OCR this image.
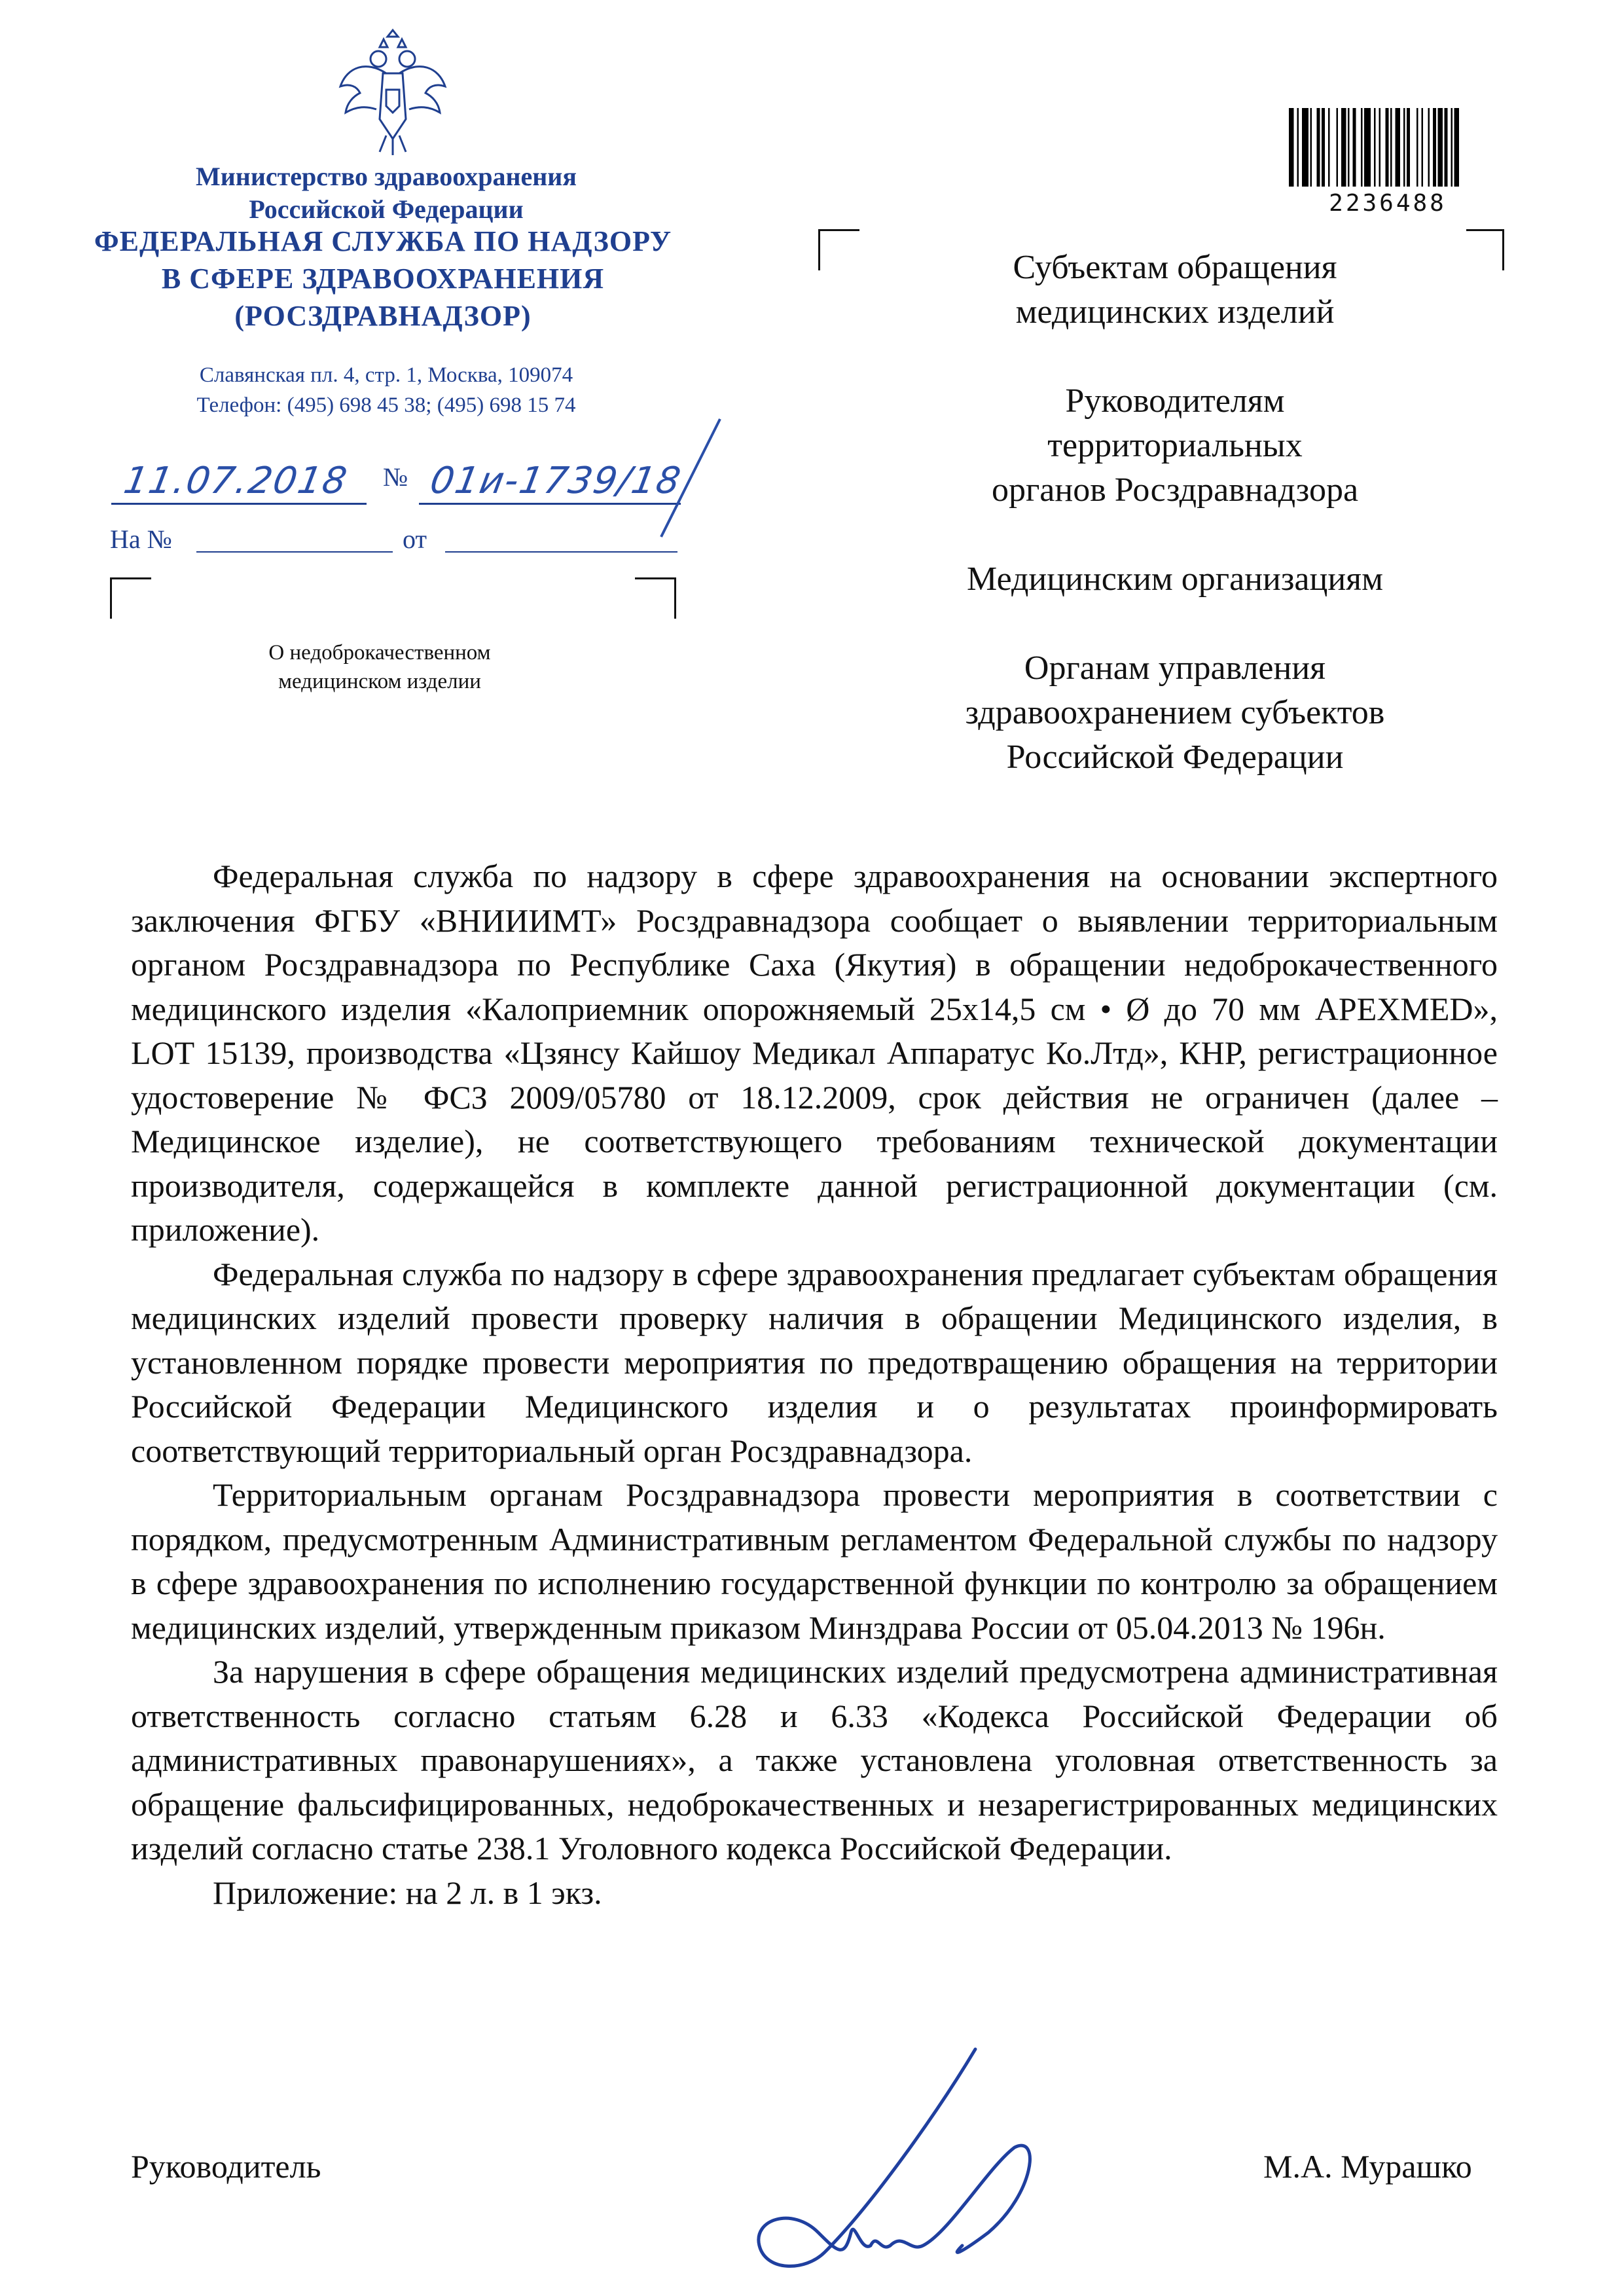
Министерство здравоохранения
Российской Федерации
ФЕДЕРАЛЬНАЯ СЛУЖБА ПО НАДЗОРУ
В СФЕРЕ ЗДРАВООХРАНЕНИЯ
(РОСЗДРАВНАДЗОР)
Славянская пл. 4, стр. 1, Москва, 109074
Телефон: (495) 698 45 38; (495) 698 15 74
11.07.2018 № 01и-1739/18
На №	от
О недоброкачественном
медицинском изделии
2236488
Субъектам обращения
медицинских изделий
Руководителям
территориальных
органов Росздравнадзора
Медицинским организациям
Органам управления
здравоохранением субъектов
Российской Федерации

Федеральная служба по надзору в сфере здравоохранения на основании экспертного заключения ФГБУ «ВНИИИМТ» Росздравнадзора сообщает о выявлении территориальным органом Росздравнадзора по Республике Саха (Якутия) в обращении недоброкачественного медицинского изделия «Калоприемник опорожняемый 25х14,5 см • Ø до 70 мм APEXMED», LOT 15139, производства «Цзянсу Кайшоу Медикал Аппаратус Ко.Лтд», КНР, регистрационное удостоверение № ФСЗ 2009/05780 от 18.12.2009, срок действия не ограничен (далее – Медицинское изделие), не соответствующего требованиям технической документации производителя, содержащейся в комплекте данной регистрационной документации (см. приложение).

Федеральная служба по надзору в сфере здравоохранения предлагает субъектам обращения медицинских изделий провести проверку наличия в обращении Медицинского изделия, в установленном порядке провести мероприятия по предотвращению обращения на территории Российской Федерации Медицинского изделия и о результатах проинформировать соответствующий территориальный орган Росздравнадзора.

Территориальным органам Росздравнадзора провести мероприятия в соответствии с порядком, предусмотренным Административным регламентом Федеральной службы по надзору в сфере здравоохранения по исполнению государственной функции по контролю за обращением медицинских изделий, утвержденным приказом Минздрава России от 05.04.2013 № 196н.

За нарушения в сфере обращения медицинских изделий предусмотрена административная ответственность согласно статьям 6.28 и 6.33 «Кодекса Российской Федерации об административных правонарушениях», а также установлена уголовная ответственность за обращение фальсифицированных, недоброкачественных и незарегистрированных медицинских изделий согласно статье 238.1 Уголовного кодекса Российской Федерации.

Приложение: на 2 л. в 1 экз.

Руководитель	М.А. Мурашко
